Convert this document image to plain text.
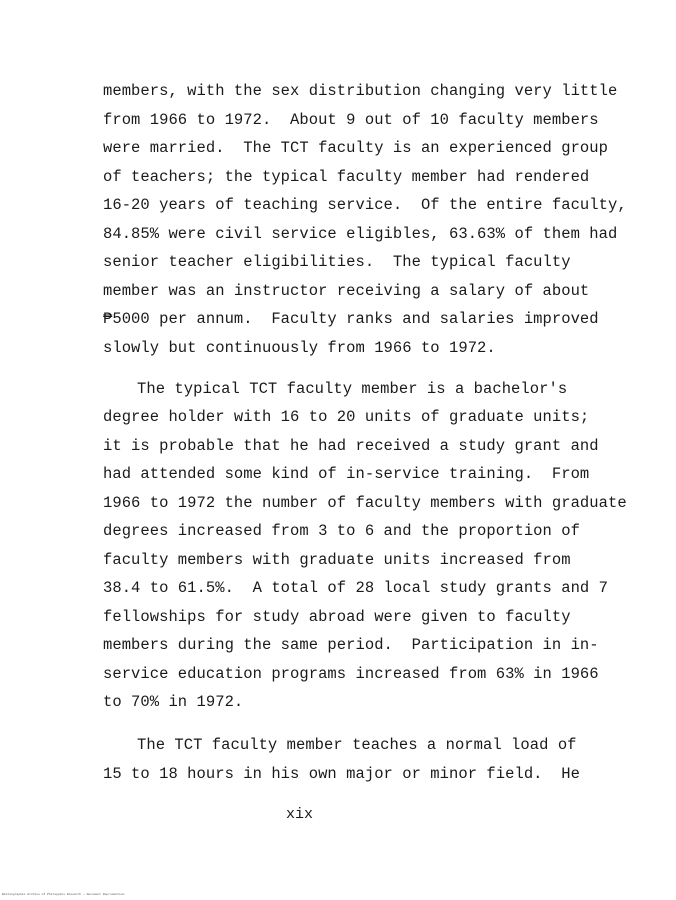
members, with the sex distribution changing very little
from 1966 to 1972.  About 9 out of 10 faculty members
were married.  The TCT faculty is an experienced group
of teachers; the typical faculty member had rendered
16-20 years of teaching service.  Of the entire faculty,
84.85% were civil service eligibles, 63.63% of them had
senior teacher eligibilities.  The typical faculty
member was an instructor receiving a salary of about
₱5000 per annum.  Faculty ranks and salaries improved
slowly but continuously from 1966 to 1972.
The typical TCT faculty member is a bachelor's
degree holder with 16 to 20 units of graduate units;
it is probable that he had received a study grant and
had attended some kind of in-service training.  From
1966 to 1972 the number of faculty members with graduate
degrees increased from 3 to 6 and the proportion of
faculty members with graduate units increased from
38.4 to 61.5%.  A total of 28 local study grants and 7
fellowships for study abroad were given to faculty
members during the same period.  Participation in in-
service education programs increased from 63% in 1966
to 70% in 1972.
The TCT faculty member teaches a normal load of
15 to 18 hours in his own major or minor field.  He
xix
Bibliographic Archive of Philippine Research — Document Reproduction
